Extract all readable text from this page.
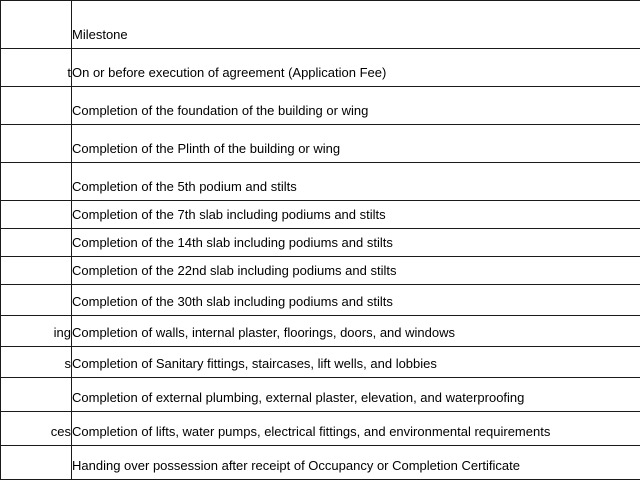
	Milestone
t	On or before execution of agreement (Application Fee)
	Completion of the foundation of the building or wing
	Completion of the Plinth of the building or wing
	Completion of the 5th podium and stilts
	Completion of the 7th slab including podiums and stilts
	Completion of the 14th slab including podiums and stilts
	Completion of the 22nd slab including podiums and stilts
	Completion of the 30th slab including podiums and stilts
ing	Completion of walls, internal plaster, floorings, doors, and windows
s	Completion of Sanitary fittings, staircases, lift wells, and lobbies
	Completion of external plumbing, external plaster, elevation, and waterproofing
ces	Completion of lifts, water pumps, electrical fittings, and environmental requirements
	Handing over possession after receipt of Occupancy or Completion Certificate
